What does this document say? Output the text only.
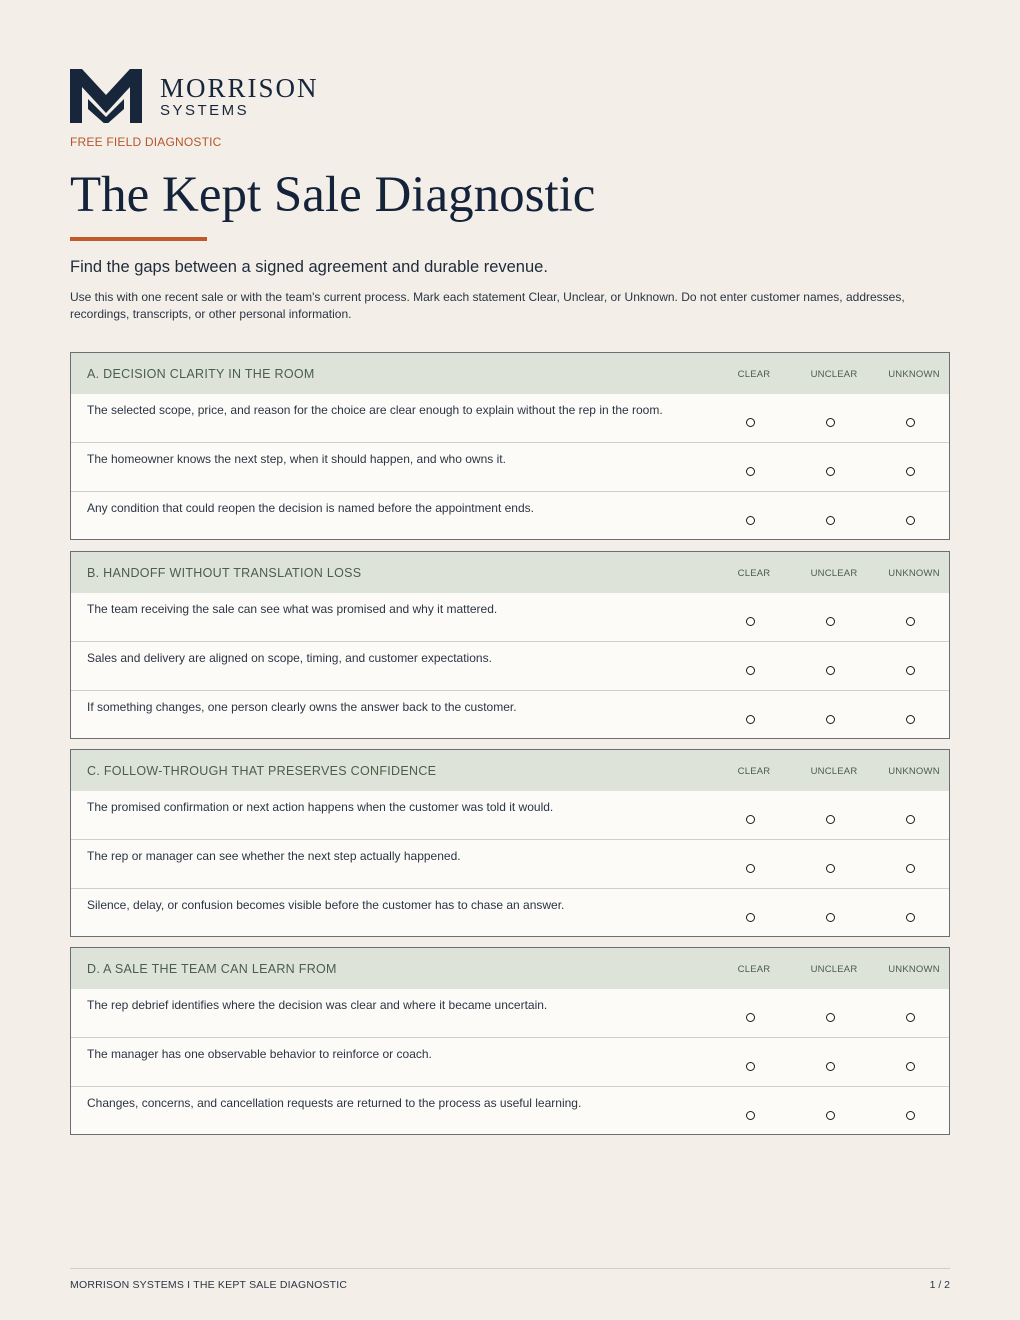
MORRISON
SYSTEMS
FREE FIELD DIAGNOSTIC
The Kept Sale Diagnostic
Find the gaps between a signed agreement and durable revenue.
Use this with one recent sale or with the team's current process. Mark each statement Clear, Unclear, or Unknown. Do not enter customer names, addresses, recordings, transcripts, or other personal information.
A. DECISION CLARITY IN THE ROOM	CLEAR	UNCLEAR	UNKNOWN
The selected scope, price, and reason for the choice are clear enough to explain without the rep in the room.
The homeowner knows the next step, when it should happen, and who owns it.
Any condition that could reopen the decision is named before the appointment ends.
B. HANDOFF WITHOUT TRANSLATION LOSS	CLEAR	UNCLEAR	UNKNOWN
The team receiving the sale can see what was promised and why it mattered.
Sales and delivery are aligned on scope, timing, and customer expectations.
If something changes, one person clearly owns the answer back to the customer.
C. FOLLOW-THROUGH THAT PRESERVES CONFIDENCE	CLEAR	UNCLEAR	UNKNOWN
The promised confirmation or next action happens when the customer was told it would.
The rep or manager can see whether the next step actually happened.
Silence, delay, or confusion becomes visible before the customer has to chase an answer.
D. A SALE THE TEAM CAN LEARN FROM	CLEAR	UNCLEAR	UNKNOWN
The rep debrief identifies where the decision was clear and where it became uncertain.
The manager has one observable behavior to reinforce or coach.
Changes, concerns, and cancellation requests are returned to the process as useful learning.
MORRISON SYSTEMS I THE KEPT SALE DIAGNOSTIC	1 / 2
